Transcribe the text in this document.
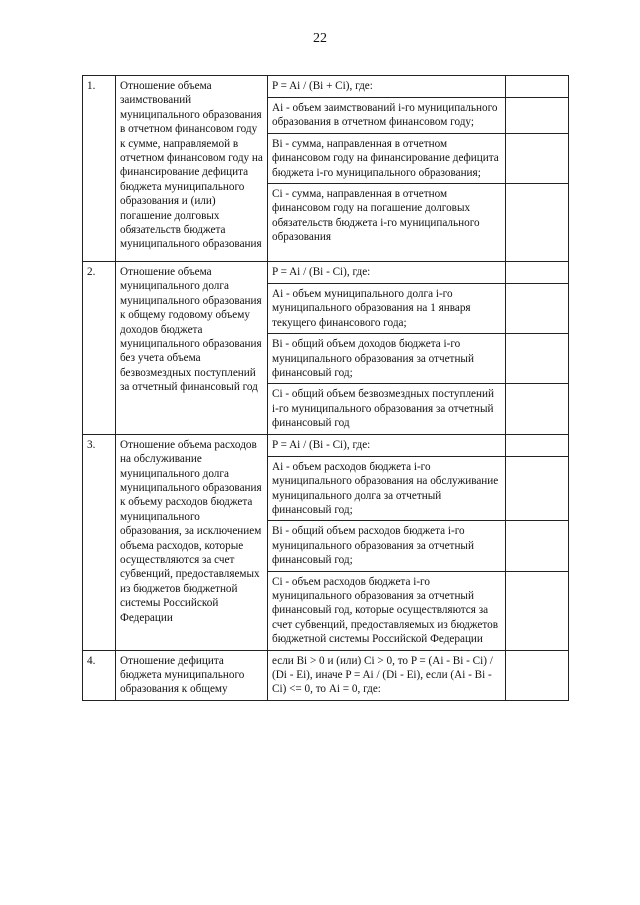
22
1.	Отношение объема заимствований муниципального образования в отчетном финансовом году к сумме, направляемой в отчетном финансовом году на финансирование дефицита бюджета муниципального образования и (или) погашение долговых обязательств бюджета муниципального образования	P = Ai / (Bi + Ci), где:	
		Ai - объем заимствований i-го муниципального образования в отчетном финансовом году;	
		Bi - сумма, направленная в отчетном финансовом году на финансирование дефицита бюджета i-го муниципального образования;	
		Ci - сумма, направленная в отчетном финансовом году на погашение долговых обязательств бюджета i-го муниципального образования	
2.	Отношение объема муниципального долга муниципального образования к общему годовому объему доходов бюджета муниципального образования без учета объема безвозмездных поступлений за отчетный финансовый год	P = Ai / (Bi - Ci), где:	
		Ai - объем муниципального долга i-го муниципального образования на 1 января текущего финансового года;	
		Bi - общий объем доходов бюджета i-го муниципального образования за отчетный финансовый год;	
		Ci - общий объем безвозмездных поступлений i-го муниципального образования за отчетный финансовый год	
3.	Отношение объема расходов на обслуживание муниципального долга муниципального образования к объему расходов бюджета муниципального образования, за исключением объема расходов, которые осуществляются за счет субвенций, предоставляемых из бюджетов бюджетной системы Российской Федерации	P = Ai / (Bi - Ci), где:	
		Ai - объем расходов бюджета i-го муниципального образования на обслуживание муниципального долга за отчетный финансовый год;	
		Bi - общий объем расходов бюджета i-го муниципального образования за отчетный финансовый год;	
		Ci - объем расходов бюджета i-го муниципального образования за отчетный финансовый год, которые осуществляются за счет субвенций, предоставляемых из бюджетов бюджетной системы Российской Федерации	
4.	Отношение дефицита бюджета муниципального образования к общему	если Bi > 0 и (или) Ci > 0, то P = (Ai - Bi - Ci) / (Di - Ei), иначе P = Ai / (Di - Ei), если (Ai - Bi - Ci) <= 0, то Ai = 0, где:	
